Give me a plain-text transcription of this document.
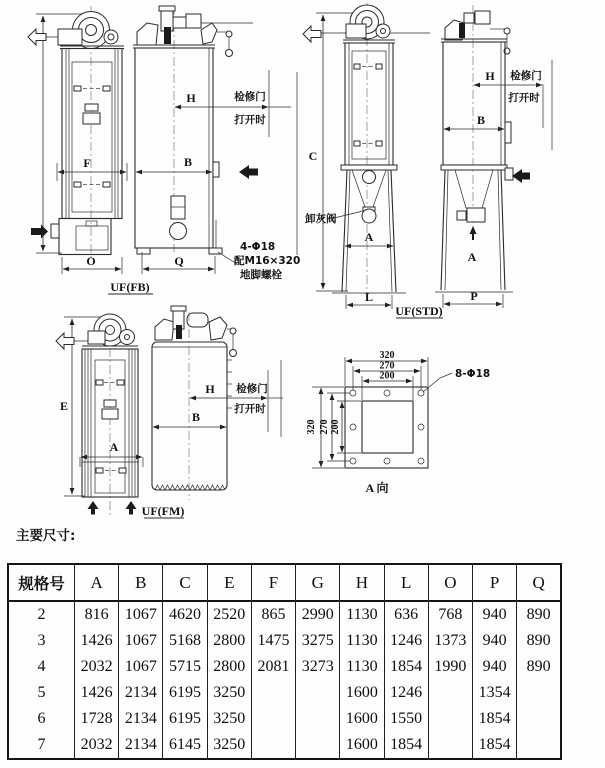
F
O
H	检修门
打开时
B
Q
4-Φ18
配M16×320
地脚螺栓
UF(FB)
C
A
卸灰阀
L
UF(STD)
H 检修门
打开时
B
A
P
E
A
H 检修门
打开时
B
UF(FM)
320
270
200
320 270 200
8-Φ18
A 向
主要尺寸:
规格号	A	B	C	E	F	G	H	L	O	P	Q
2	816	1067	4620	2520	865	2990	1130	636	768	940	890
3	1426	1067	5168	2800	1475	3275	1130	1246	1373	940	890
4	2032	1067	5715	2800	2081	3273	1130	1854	1990	940	890
5	1426	2134	6195	3250			1600	1246		1354	
6	1728	2134	6195	3250			1600	1550		1854	
7	2032	2134	6145	3250			1600	1854		1854	
